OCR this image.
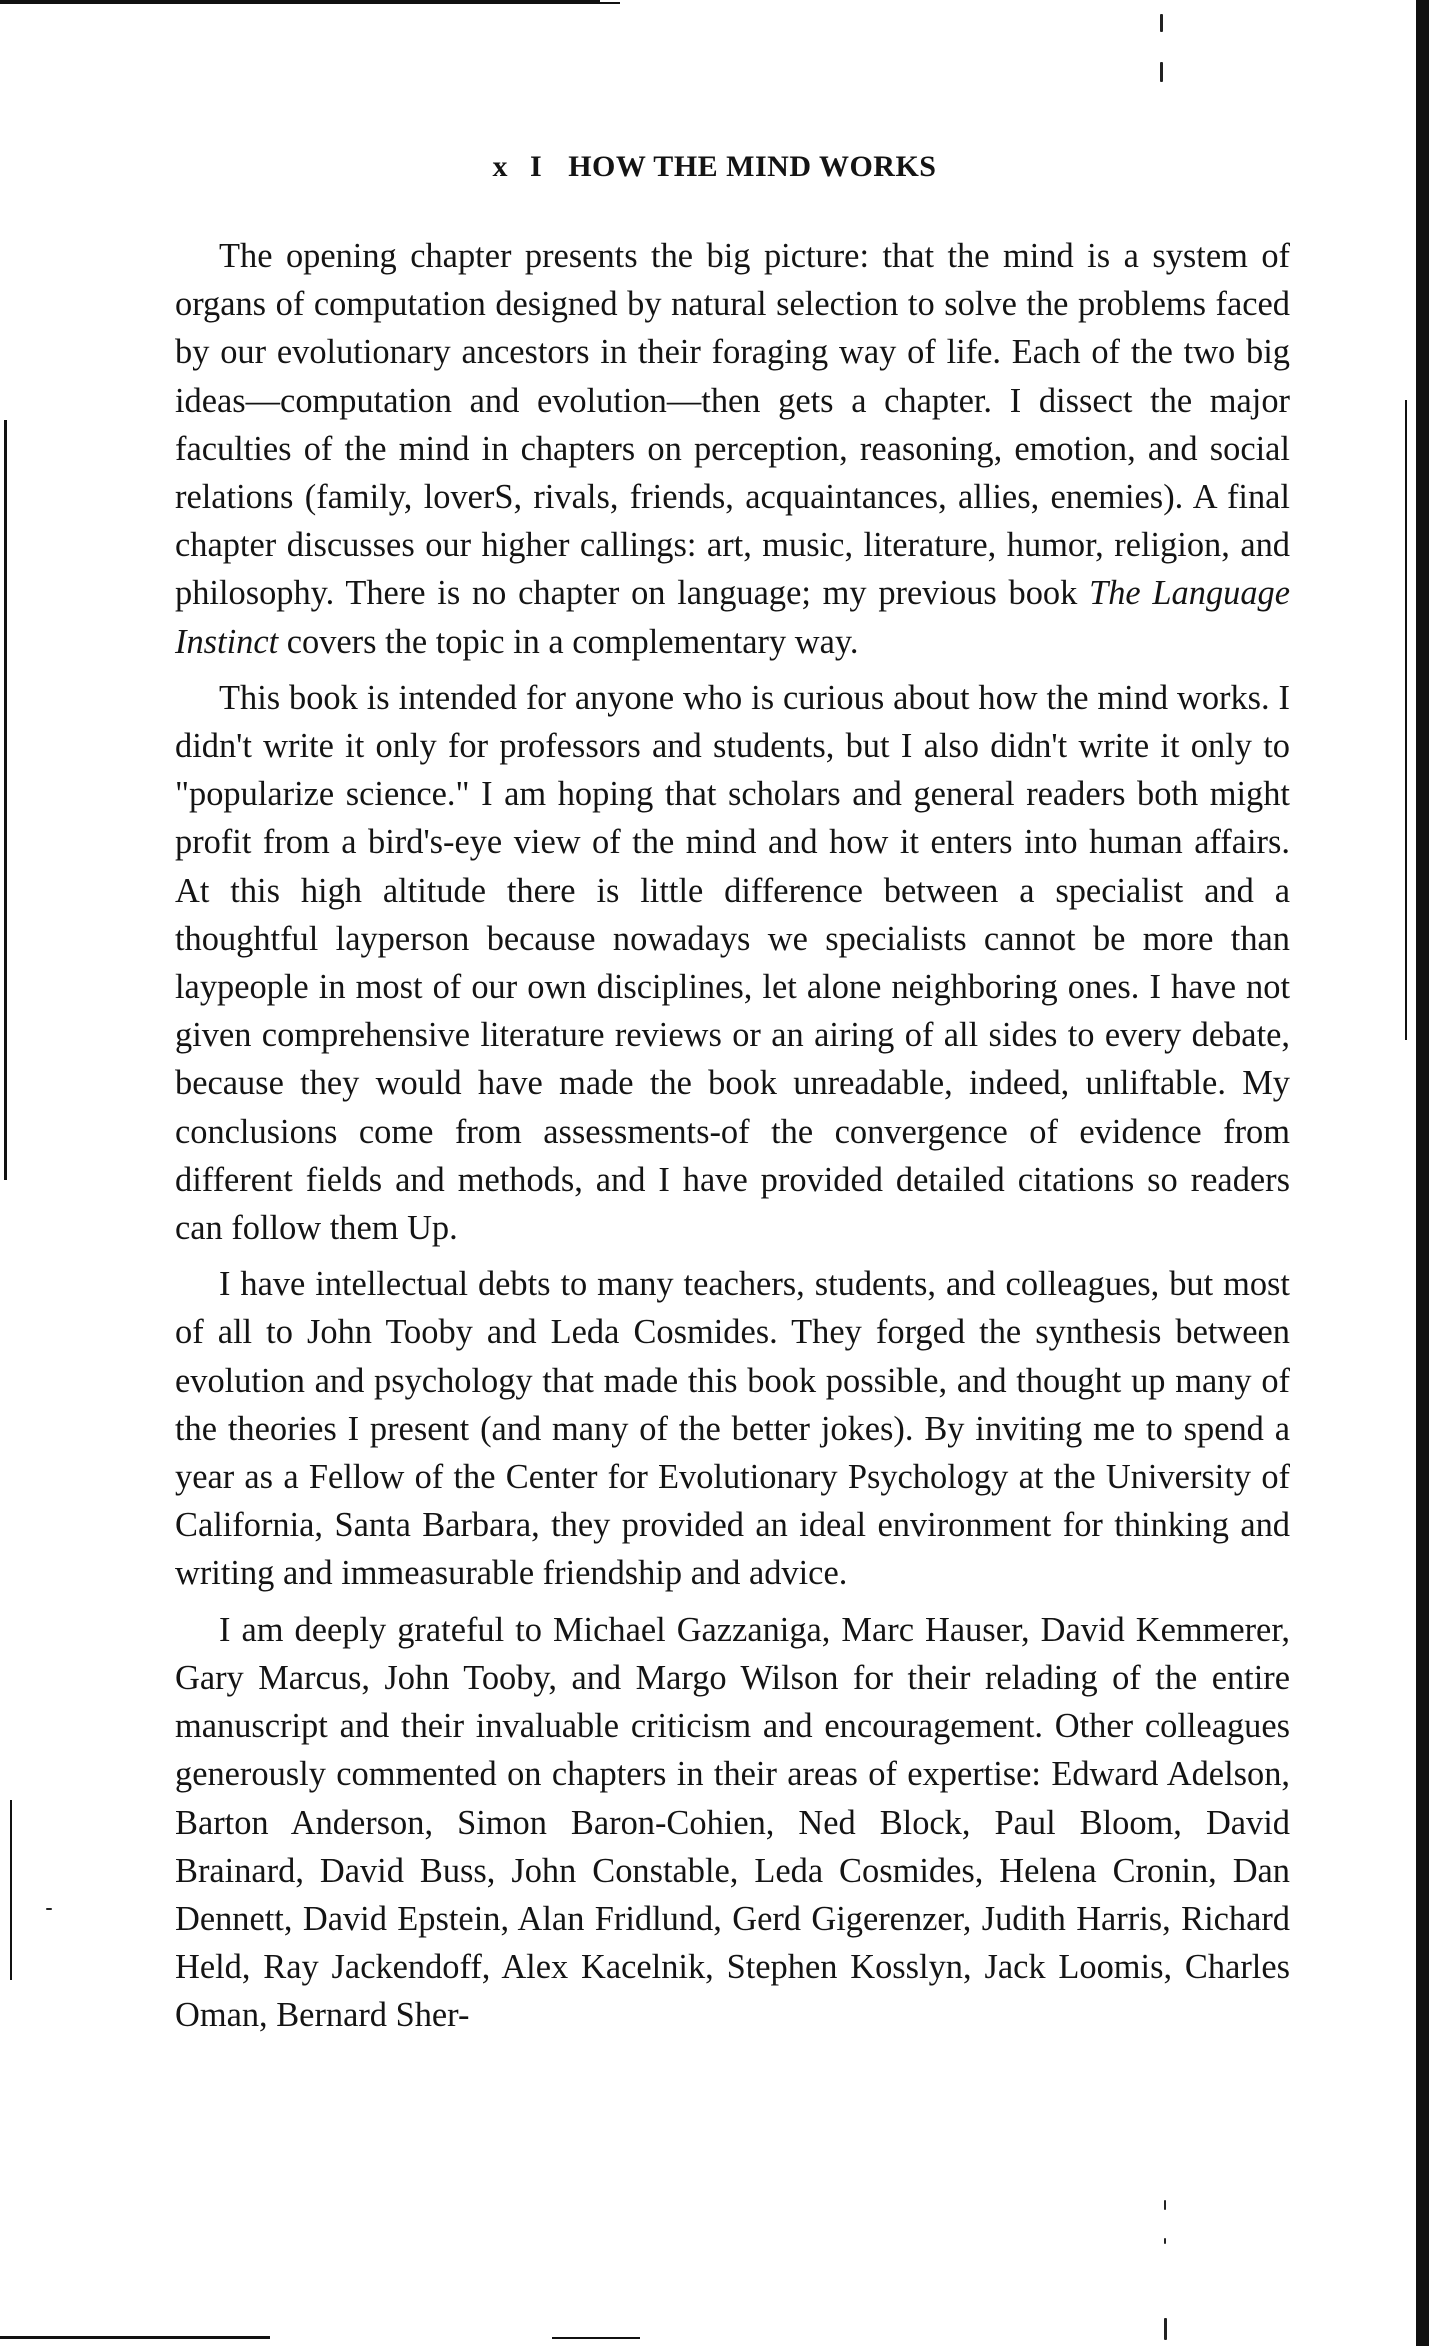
x I HOW THE MIND WORKS

The opening chapter presents the big picture: that the mind is a system of organs of computation designed by natural selection to solve the problems faced by our evolutionary ancestors in their foraging way of life. Each of the two big ideas—computation and evolution—then gets a chapter. I dissect the major faculties of the mind in chapters on perception, reasoning, emotion, and social relations (family, loverS, rivals, friends, acquaintances, allies, enemies). A final chapter discusses our higher callings: art, music, literature, humor, religion, and philosophy. There is no chapter on language; my previous book The Language Instinct covers the topic in a complementary way.

This book is intended for anyone who is curious about how the mind works. I didn't write it only for professors and students, but I also didn't write it only to "popularize science." I am hoping that scholars and general readers both might profit from a bird's-eye view of the mind and how it enters into human affairs. At this high altitude there is little difference between a specialist and a thoughtful layperson because nowadays we specialists cannot be more than laypeople in most of our own disciplines, let alone neighboring ones. I have not given comprehensive literature reviews or an airing of all sides to every debate, because they would have made the book unreadable, indeed, unliftable. My conclusions come from assessments-of the convergence of evidence from different fields and methods, and I have provided detailed citations so readers can follow them Up.

I have intellectual debts to many teachers, students, and colleagues, but most of all to John Tooby and Leda Cosmides. They forged the synthesis between evolution and psychology that made this book possible, and thought up many of the theories I present (and many of the better jokes). By inviting me to spend a year as a Fellow of the Center for Evolutionary Psychology at the University of California, Santa Barbara, they provided an ideal environment for thinking and writing and immeasurable friendship and advice.

I am deeply grateful to Michael Gazzaniga, Marc Hauser, David Kemmerer, Gary Marcus, John Tooby, and Margo Wilson for their relading of the entire manuscript and their invaluable criticism and encouragement. Other colleagues generously commented on chapters in their areas of expertise: Edward Adelson, Barton Anderson, Simon Baron-Cohien, Ned Block, Paul Bloom, David Brainard, David Buss, John Constable, Leda Cosmides, Helena Cronin, Dan Dennett, David Epstein, Alan Fridlund, Gerd Gigerenzer, Judith Harris, Richard Held, Ray Jackendoff, Alex Kacelnik, Stephen Kosslyn, Jack Loomis, Charles Oman, Bernard Sher-
